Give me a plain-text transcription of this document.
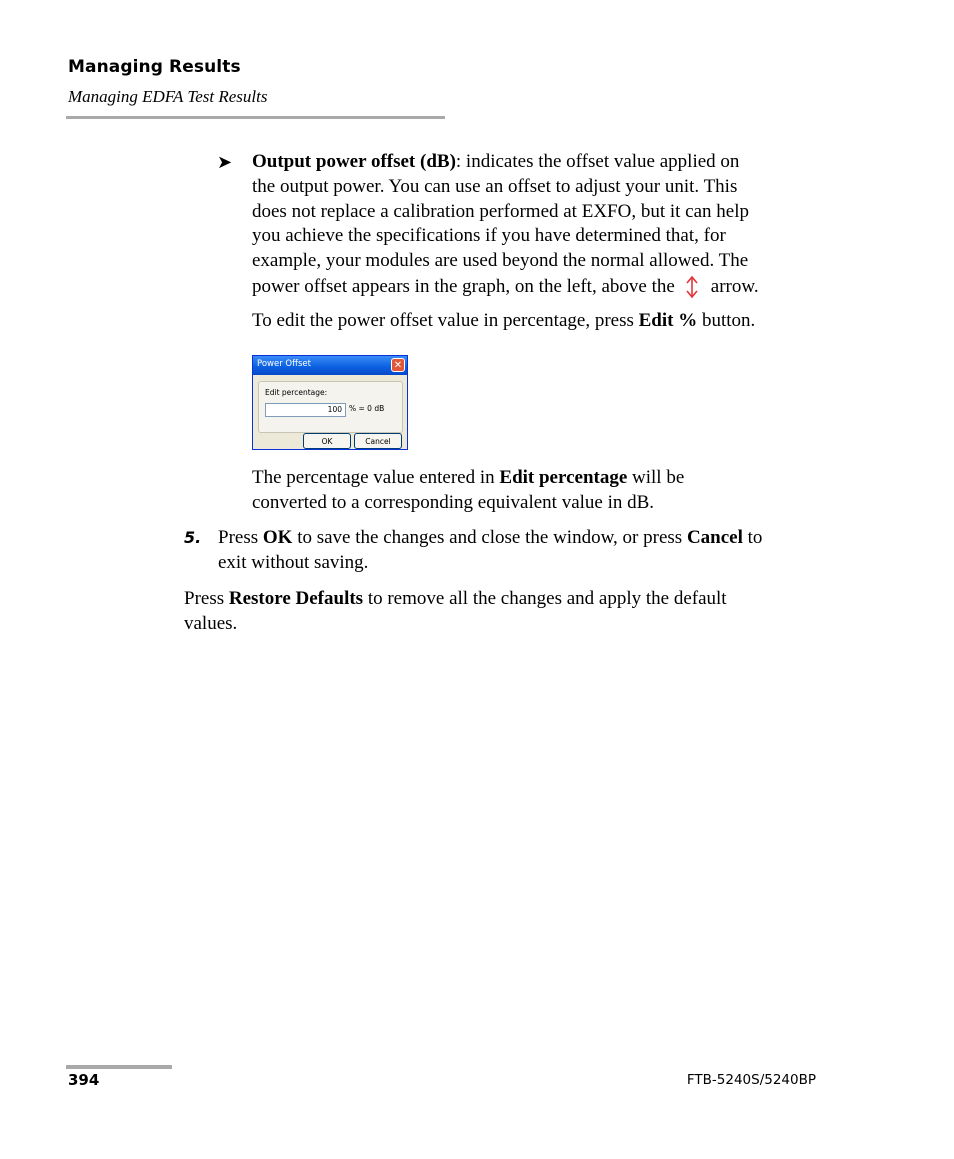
Managing Results
Managing EDFA Test Results
➤ Output power offset (dB): indicates the offset value applied on
the output power. You can use an offset to adjust your unit. This
does not replace a calibration performed at EXFO, but it can help
you achieve the specifications if you have determined that, for
example, your modules are used beyond the normal allowed. The
power offset appears in the graph, on the left, above the arrow.
To edit the power offset value in percentage, press Edit % button.
Power Offset	✕
Edit percentage:
100 % = 0 dB
OK	Cancel
The percentage value entered in Edit percentage will be
converted to a corresponding equivalent value in dB.
5. Press OK to save the changes and close the window, or press Cancel to
exit without saving.
Press Restore Defaults to remove all the changes and apply the default
values.
394	FTB-5240S/5240BP
